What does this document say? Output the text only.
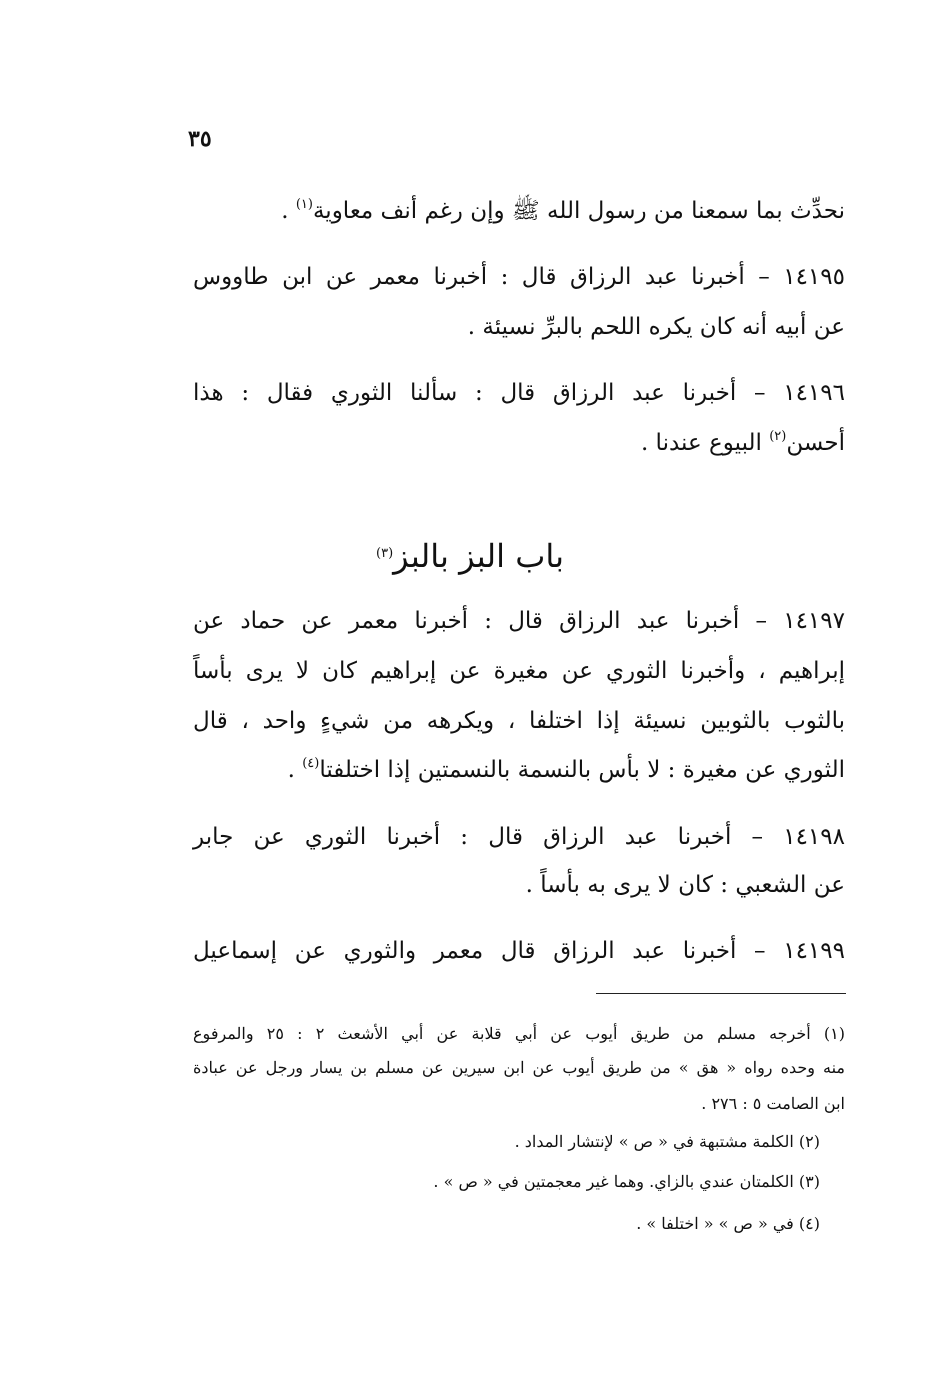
٣٥
نحدِّث بما سمعنا من رسول الله ﷺ وإن رغم أنف معاوية$^{(١)}$ .
١٤١٩٥ – أخبرنا عبد الرزاق قال : أخبرنا معمر عن ابن طاووس
عن أبيه أنه كان يكره اللحم بالبرِّ نسيئة .
١٤١٩٦ – أخبرنا عبد الرزاق قال : سألنا الثوري فقال : هذا
أحسن$^{(٢)}$ البيوع عندنا .
باب البز بالبز$^{(٣)}$
١٤١٩٧ – أخبرنا عبد الرزاق قال : أخبرنا معمر عن حماد عن
إبراهيم ، وأخبرنا الثوري عن مغيرة عن إبراهيم كان لا يرى بأساً
بالثوب بالثوبين نسيئة إذا اختلفا ، ويكرهه من شيءٍ واحد ، قال
الثوري عن مغيرة : لا بأس بالنسمة بالنسمتين إذا اختلفتا$^{(٤)}$ .
١٤١٩٨ – أخبرنا عبد الرزاق قال : أخبرنا الثوري عن جابر
عن الشعبي : كان لا يرى به بأساً .
١٤١٩٩ – أخبرنا عبد الرزاق قال معمر والثوري عن إسماعيل
(١) أخرجه مسلم من طريق أيوب عن أبي قلابة عن أبي الأشعث ٢ : ٢٥ والمرفوع
منه وحده رواه « هق » من طريق أيوب عن ابن سيرين عن مسلم بن يسار ورجل عن عبادة
ابن الصامت ٥ : ٢٧٦ .
(٢) الكلمة مشتبهة في « ص » لإنتشار المداد .
(٣) الكلمتان عندي بالزاي. وهما غير معجمتين في « ص » .
(٤) في « ص » « اختلفا » .
